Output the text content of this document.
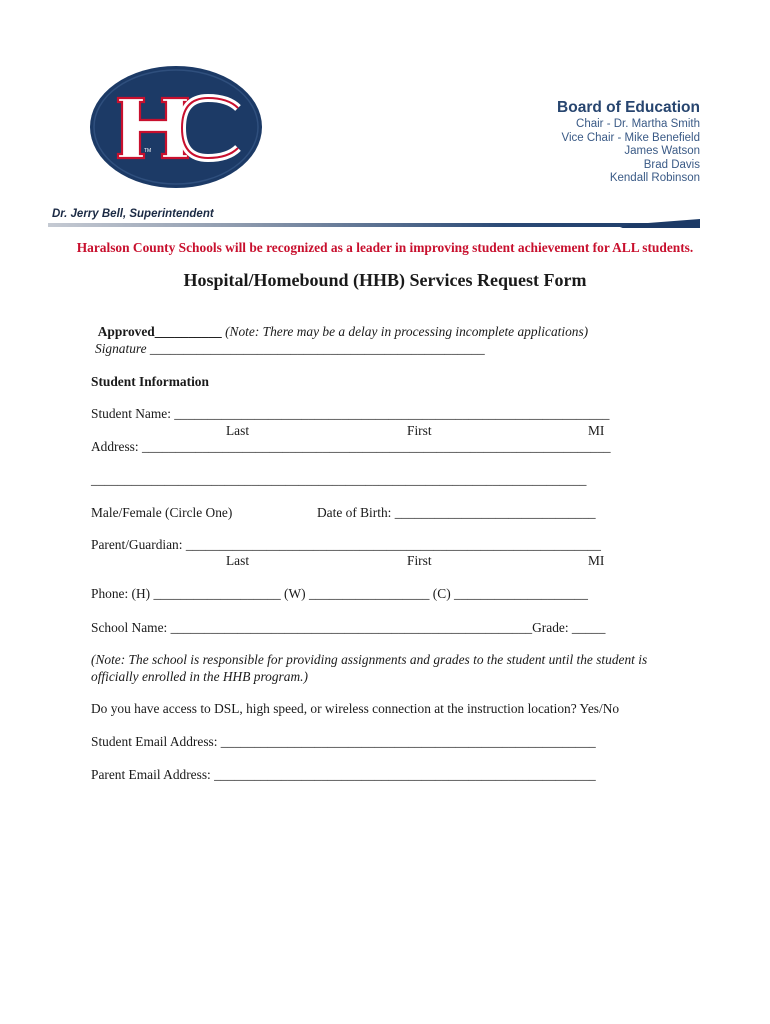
TM
Board of Education
Chair - Dr. Martha Smith
Vice Chair - Mike Benefield
James Watson
Brad Davis
Kendall Robinson
Dr. Jerry Bell, Superintendent
Haralson County Schools will be recognized as a leader in improving student achievement for ALL students.
Hospital/Homebound (HHB) Services Request Form

Approved__________ (Note: There may be a delay in processing incomplete applications)

Signature __________________________________________________
Student Information
Student Name: _________________________________________________________________
Last	First	MI
Address: ______________________________________________________________________
__________________________________________________________________________
Male/Female (Circle One)	Date of Birth: ______________________________
Parent/Guardian: ______________________________________________________________
Last	First	MI
Phone: (H) ___________________ (W) __________________ (C) ____________________
School Name: ______________________________________________________Grade: _____
(Note: The school is responsible for providing assignments and grades to the student until the student is officially enrolled in the HHB program.)
Do you have access to DSL, high speed, or wireless connection at the instruction location? Yes/No
Student Email Address: ________________________________________________________
Parent Email Address: _________________________________________________________
